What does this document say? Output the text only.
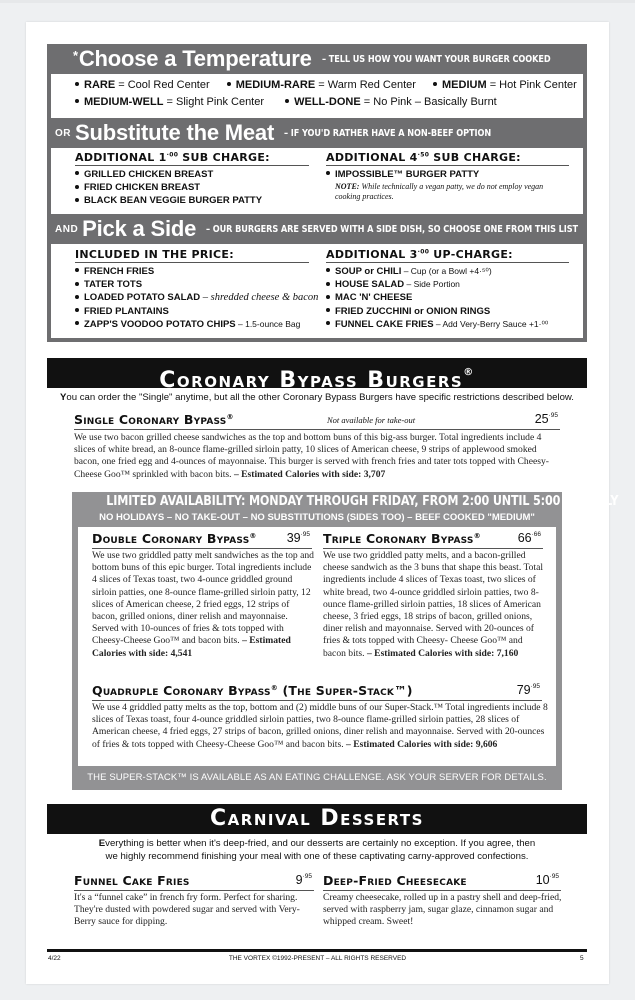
* Choose a Temperature – TELL US HOW YOU WANT YOUR BURGER COOKED
RARE = Cool Red Center MEDIUM-RARE = Warm Red Center MEDIUM = Hot Pink Center
MEDIUM-WELL = Slight Pink Center	WELL-DONE = No Pink – Basically Burnt
OR Substitute the Meat – IF YOU'D RATHER HAVE A NON-BEEF OPTION
ADDITIONAL $1^{\cdot 00}$ SUB CHARGE:
GRILLED CHICKEN BREAST
FRIED CHICKEN BREAST
BLACK BEAN VEGGIE BURGER PATTY
ADDITIONAL $4^{\cdot 50}$ SUB CHARGE:
IMPOSSIBLE™ BURGER PATTY
NOTE: While technically a vegan patty, we do not employ vegan cooking practices.
AND Pick a Side – OUR BURGERS ARE SERVED WITH A SIDE DISH, SO CHOOSE ONE FROM THIS LIST
INCLUDED IN THE PRICE:
FRENCH FRIES
TATER TOTS
LOADED POTATO SALAD – shredded cheese & bacon
FRIED PLANTAINS
ZAPP'S VOODOO POTATO CHIPS – 1.5-ounce Bag
ADDITIONAL $3^{\cdot 00}$ UP-CHARGE:
SOUP or CHILI – Cup (or a Bowl +4·⁵⁰)
HOUSE SALAD – Side Portion
MAC 'N' CHEESE
FRIED ZUCCHINI or ONION RINGS
FUNNEL CAKE FRIES – Add Very-Berry Sauce +1·⁰⁰
Coronary Bypass Burgers®
You can order the "Single" anytime, but all the other Coronary Bypass Burgers have specific restrictions described below.
Single Coronary Bypass®	Not available for take-out	$25^{\cdot 95}$
We use two bacon grilled cheese sandwiches as the top and bottom buns of this big-ass burger. Total ingredients include 4 slices of white bread, an 8-ounce flame-grilled sirloin patty, 10 slices of American cheese, 9 strips of applewood smoked bacon, one fried egg and 4-ounces of mayonnaise. This burger is served with french fries and tater tots topped with Cheesy-Cheese Goo™ sprinkled with bacon bits. – Estimated Calories with side: 3,707
LIMITED AVAILABILITY: MONDAY THROUGH FRIDAY, FROM 2:00 UNTIL 5:00 PM ONLY
NO HOLIDAYS – NO TAKE-OUT – NO SUBSTITUTIONS (SIDES TOO) – BEEF COOKED "MEDIUM"
Double Coronary Bypass® $39^{\cdot 95}$
We use two griddled patty melt sandwiches as the top and bottom buns of this epic burger. Total ingredients include 4 slices of Texas toast, two 4-ounce griddled ground sirloin patties, one 8-ounce flame-grilled sirloin patty, 12 slices of American cheese, 2 fried eggs, 12 strips of bacon, grilled onions, diner relish and mayonnaise. Served with 10-ounces of fries & tots topped with Cheesy-Cheese Goo™ and bacon bits. – Estimated Calories with side: 4,541
Triple Coronary Bypass®	$66^{\cdot 66}$
We use two griddled patty melts, and a bacon-grilled cheese sandwich as the 3 buns that shape this beast. Total ingredients include 4 slices of Texas toast, two slices of white bread, two 4-ounce griddled sirloin patties, two 8-ounce flame-grilled sirloin patties, 18 slices of American cheese, 3 fried eggs, 18 strips of bacon, grilled onions, diner relish and mayonnaise. Served with 20-ounces of fries & tots topped with Cheesy- Cheese Goo™ and bacon bits. – Estimated Calories with side: 7,160
Quadruple Coronary Bypass® (The Super-Stack™)	$79^{\cdot 95}$
We use 4 griddled patty melts as the top, bottom and (2) middle buns of our Super-Stack.™ Total ingredients include 8 slices of Texas toast, four 4-ounce griddled sirloin patties, two 8-ounce flame-grilled sirloin patties, 28 slices of American cheese, 4 fried eggs, 27 strips of bacon, grilled onions, diner relish and mayonnaise. Served with 20-ounces of fries & tots topped with Cheesy-Cheese Goo™ and bacon bits. – Estimated Calories with side: 9,606
THE SUPER-STACK™ IS AVAILABLE AS AN EATING CHALLENGE. ASK YOUR SERVER FOR DETAILS.
Carnival Desserts
Everything is better when it's deep-fried, and our desserts are certainly no exception. If you agree, then
we highly recommend finishing your meal with one of these captivating carny-approved confections.
Funnel Cake Fries	$9^{\cdot 95}$
It's a “funnel cake” in french fry form. Perfect for sharing. They're dusted with powdered sugar and served with Very-Berry sauce for dipping.
Deep-Fried Cheesecake	$10^{\cdot 95}$
Creamy cheesecake, rolled up in a pastry shell and deep-fried, served with raspberry jam, sugar glaze, cinnamon sugar and whipped cream. Sweet!
4/22	THE VORTEX ©1992-PRESENT – ALL RIGHTS RESERVED	5
